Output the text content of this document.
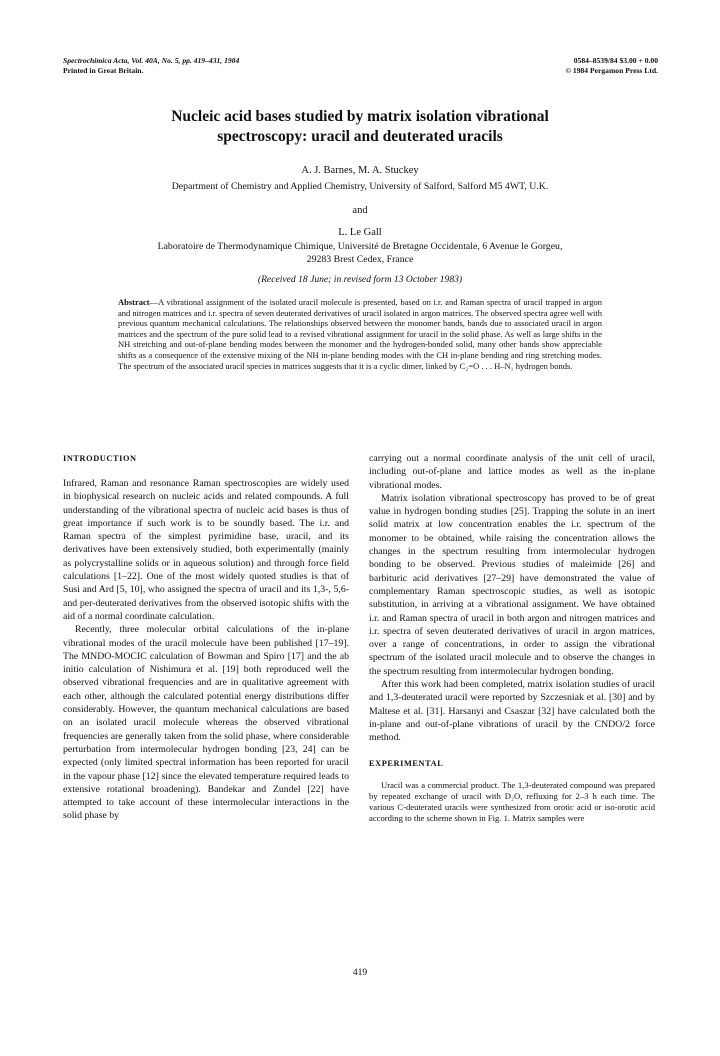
Spectrochimica Acta, Vol. 40A, No. 5, pp. 419–431, 1984
Printed in Great Britain.
0584–8539/84 $3.00 + 0.00
© 1984 Pergamon Press Ltd.
Nucleic acid bases studied by matrix isolation vibrational
spectroscopy: uracil and deuterated uracils
A. J. Barnes, M. A. Stuckey
Department of Chemistry and Applied Chemistry, University of Salford, Salford M5 4WT, U.K.
and
L. Le Gall
Laboratoire de Thermodynamique Chimique, Université de Bretagne Occidentale, 6 Avenue le Gorgeu,
29283 Brest Cedex, France
(Received 18 June; in revised form 13 October 1983)
Abstract—A vibrational assignment of the isolated uracil molecule is presented, based on i.r. and Raman spectra of uracil trapped in argon and nitrogen matrices and i.r. spectra of seven deuterated derivatives of uracil isolated in argon matrices. The observed spectra agree well with previous quantum mechanical calculations. The relationships observed between the monomer bands, bands due to associated uracil in argon matrices and the spectrum of the pure solid lead to a revised vibrational assignment for uracil in the solid phase. As well as large shifts in the NH stretching and out-of-plane bending modes between the monomer and the hydrogen-bonded solid, many other bands show appreciable shifts as a consequence of the extensive mixing of the NH in-plane bending modes with the CH in-plane bending and ring stretching modes. The spectrum of the associated uracil species in matrices suggests that it is a cyclic dimer, linked by C₂=O . . . H–N₁ hydrogen bonds.

INTRODUCTION

Infrared, Raman and resonance Raman spectroscopies are widely used in biophysical research on nucleic acids and related compounds. A full understanding of the vibrational spectra of nucleic acid bases is thus of great importance if such work is to be soundly based. The i.r. and Raman spectra of the simplest pyrimidine base, uracil, and its derivatives have been extensively studied, both experimentally (mainly as polycrystalline solids or in aqueous solution) and through force field calculations [1–22]. One of the most widely quoted studies is that of Susi and Ard [5, 10], who assigned the spectra of uracil and its 1,3-, 5,6- and per-deuterated derivatives from the observed isotopic shifts with the aid of a normal coordinate calculation.

Recently, three molecular orbital calculations of the in-plane vibrational modes of the uracil molecule have been published [17–19]. The MNDO-MOCIC calculation of Bowman and Spiro [17] and the ab initio calculation of Nishimura et al. [19] both reproduced well the observed vibrational frequencies and are in qualitative agreement with each other, although the calculated potential energy distributions differ considerably. However, the quantum mechanical calculations are based on an isolated uracil molecule whereas the observed vibrational frequencies are generally taken from the solid phase, where considerable perturbation from intermolecular hydrogen bonding [23, 24] can be expected (only limited spectral information has been reported for uracil in the vapour phase [12] since the elevated temperature required leads to extensive rotational broadening). Bandekar and Zundel [22] have attempted to take account of these intermolecular interactions in the solid phase by

carrying out a normal coordinate analysis of the unit cell of uracil, including out-of-plane and lattice modes as well as the in-plane vibrational modes.

Matrix isolation vibrational spectroscopy has proved to be of great value in hydrogen bonding studies [25]. Trapping the solute in an inert solid matrix at low concentration enables the i.r. spectrum of the monomer to be obtained, while raising the concentration allows the changes in the spectrum resulting from intermolecular hydrogen bonding to be observed. Previous studies of maleimide [26] and barbituric acid derivatives [27–29] have demonstrated the value of complementary Raman spectroscopic studies, as well as isotopic substitution, in arriving at a vibrational assignment. We have obtained i.r. and Raman spectra of uracil in both argon and nitrogen matrices and i.r. spectra of seven deuterated derivatives of uracil in argon matrices, over a range of concentrations, in order to assign the vibrational spectrum of the isolated uracil molecule and to observe the changes in the spectrum resulting from intermolecular hydrogen bonding.

After this work had been completed, matrix isolation studies of uracil and 1,3-deuterated uracil were reported by Szczesniak et al. [30] and by Maltese et al. [31]. Harsanyi and Csaszar [32] have calculated both the in-plane and out-of-plane vibrations of uracil by the CNDO/2 force method.

EXPERIMENTAL

Uracil was a commercial product. The 1,3-deuterated compound was prepared by repeated exchange of uracil with D₂O, refluxing for 2–3 h each time. The various C-deuterated uracils were synthesized from orotic acid or iso-orotic acid according to the scheme shown in Fig. 1. Matrix samples were

419
